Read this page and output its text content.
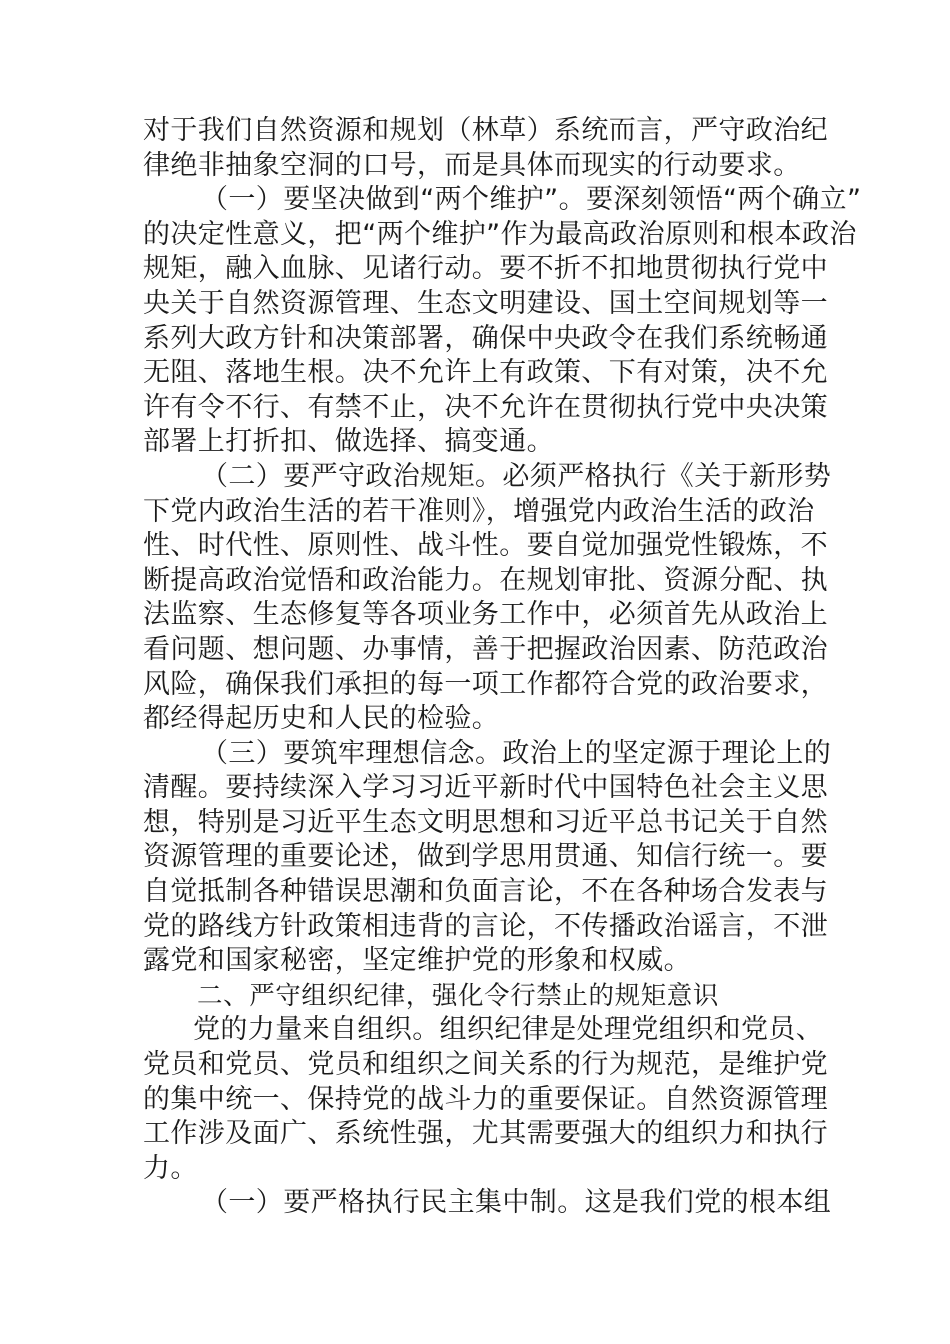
对于我们自然资源和规划（林草）系统而言，严守政治纪
律绝非抽象空洞的口号，而是具体而现实的行动要求。
（一）要坚决做到“两个维护”。要深刻领悟“两个确立”
的决定性意义，把“两个维护”作为最高政治原则和根本政治
规矩，融入血脉、见诸行动。要不折不扣地贯彻执行党中
央关于自然资源管理、生态文明建设、国土空间规划等一
系列大政方针和决策部署，确保中央政令在我们系统畅通
无阻、落地生根。决不允许上有政策、下有对策，决不允
许有令不行、有禁不止，决不允许在贯彻执行党中央决策
部署上打折扣、做选择、搞变通。
（二）要严守政治规矩。必须严格执行《关于新形势
下党内政治生活的若干准则》，增强党内政治生活的政治
性、时代性、原则性、战斗性。要自觉加强党性锻炼，不
断提高政治觉悟和政治能力。在规划审批、资源分配、执
法监察、生态修复等各项业务工作中，必须首先从政治上
看问题、想问题、办事情，善于把握政治因素、防范政治
风险，确保我们承担的每一项工作都符合党的政治要求，
都经得起历史和人民的检验。
（三）要筑牢理想信念。政治上的坚定源于理论上的
清醒。要持续深入学习习近平新时代中国特色社会主义思
想，特别是习近平生态文明思想和习近平总书记关于自然
资源管理的重要论述，做到学思用贯通、知信行统一。要
自觉抵制各种错误思潮和负面言论，不在各种场合发表与
党的路线方针政策相违背的言论，不传播政治谣言，不泄
露党和国家秘密，坚定维护党的形象和权威。
二、严守组织纪律，强化令行禁止的规矩意识
党的力量来自组织。组织纪律是处理党组织和党员、
党员和党员、党员和组织之间关系的行为规范，是维护党
的集中统一、保持党的战斗力的重要保证。自然资源管理
工作涉及面广、系统性强，尤其需要强大的组织力和执行
力。
（一）要严格执行民主集中制。这是我们党的根本组
